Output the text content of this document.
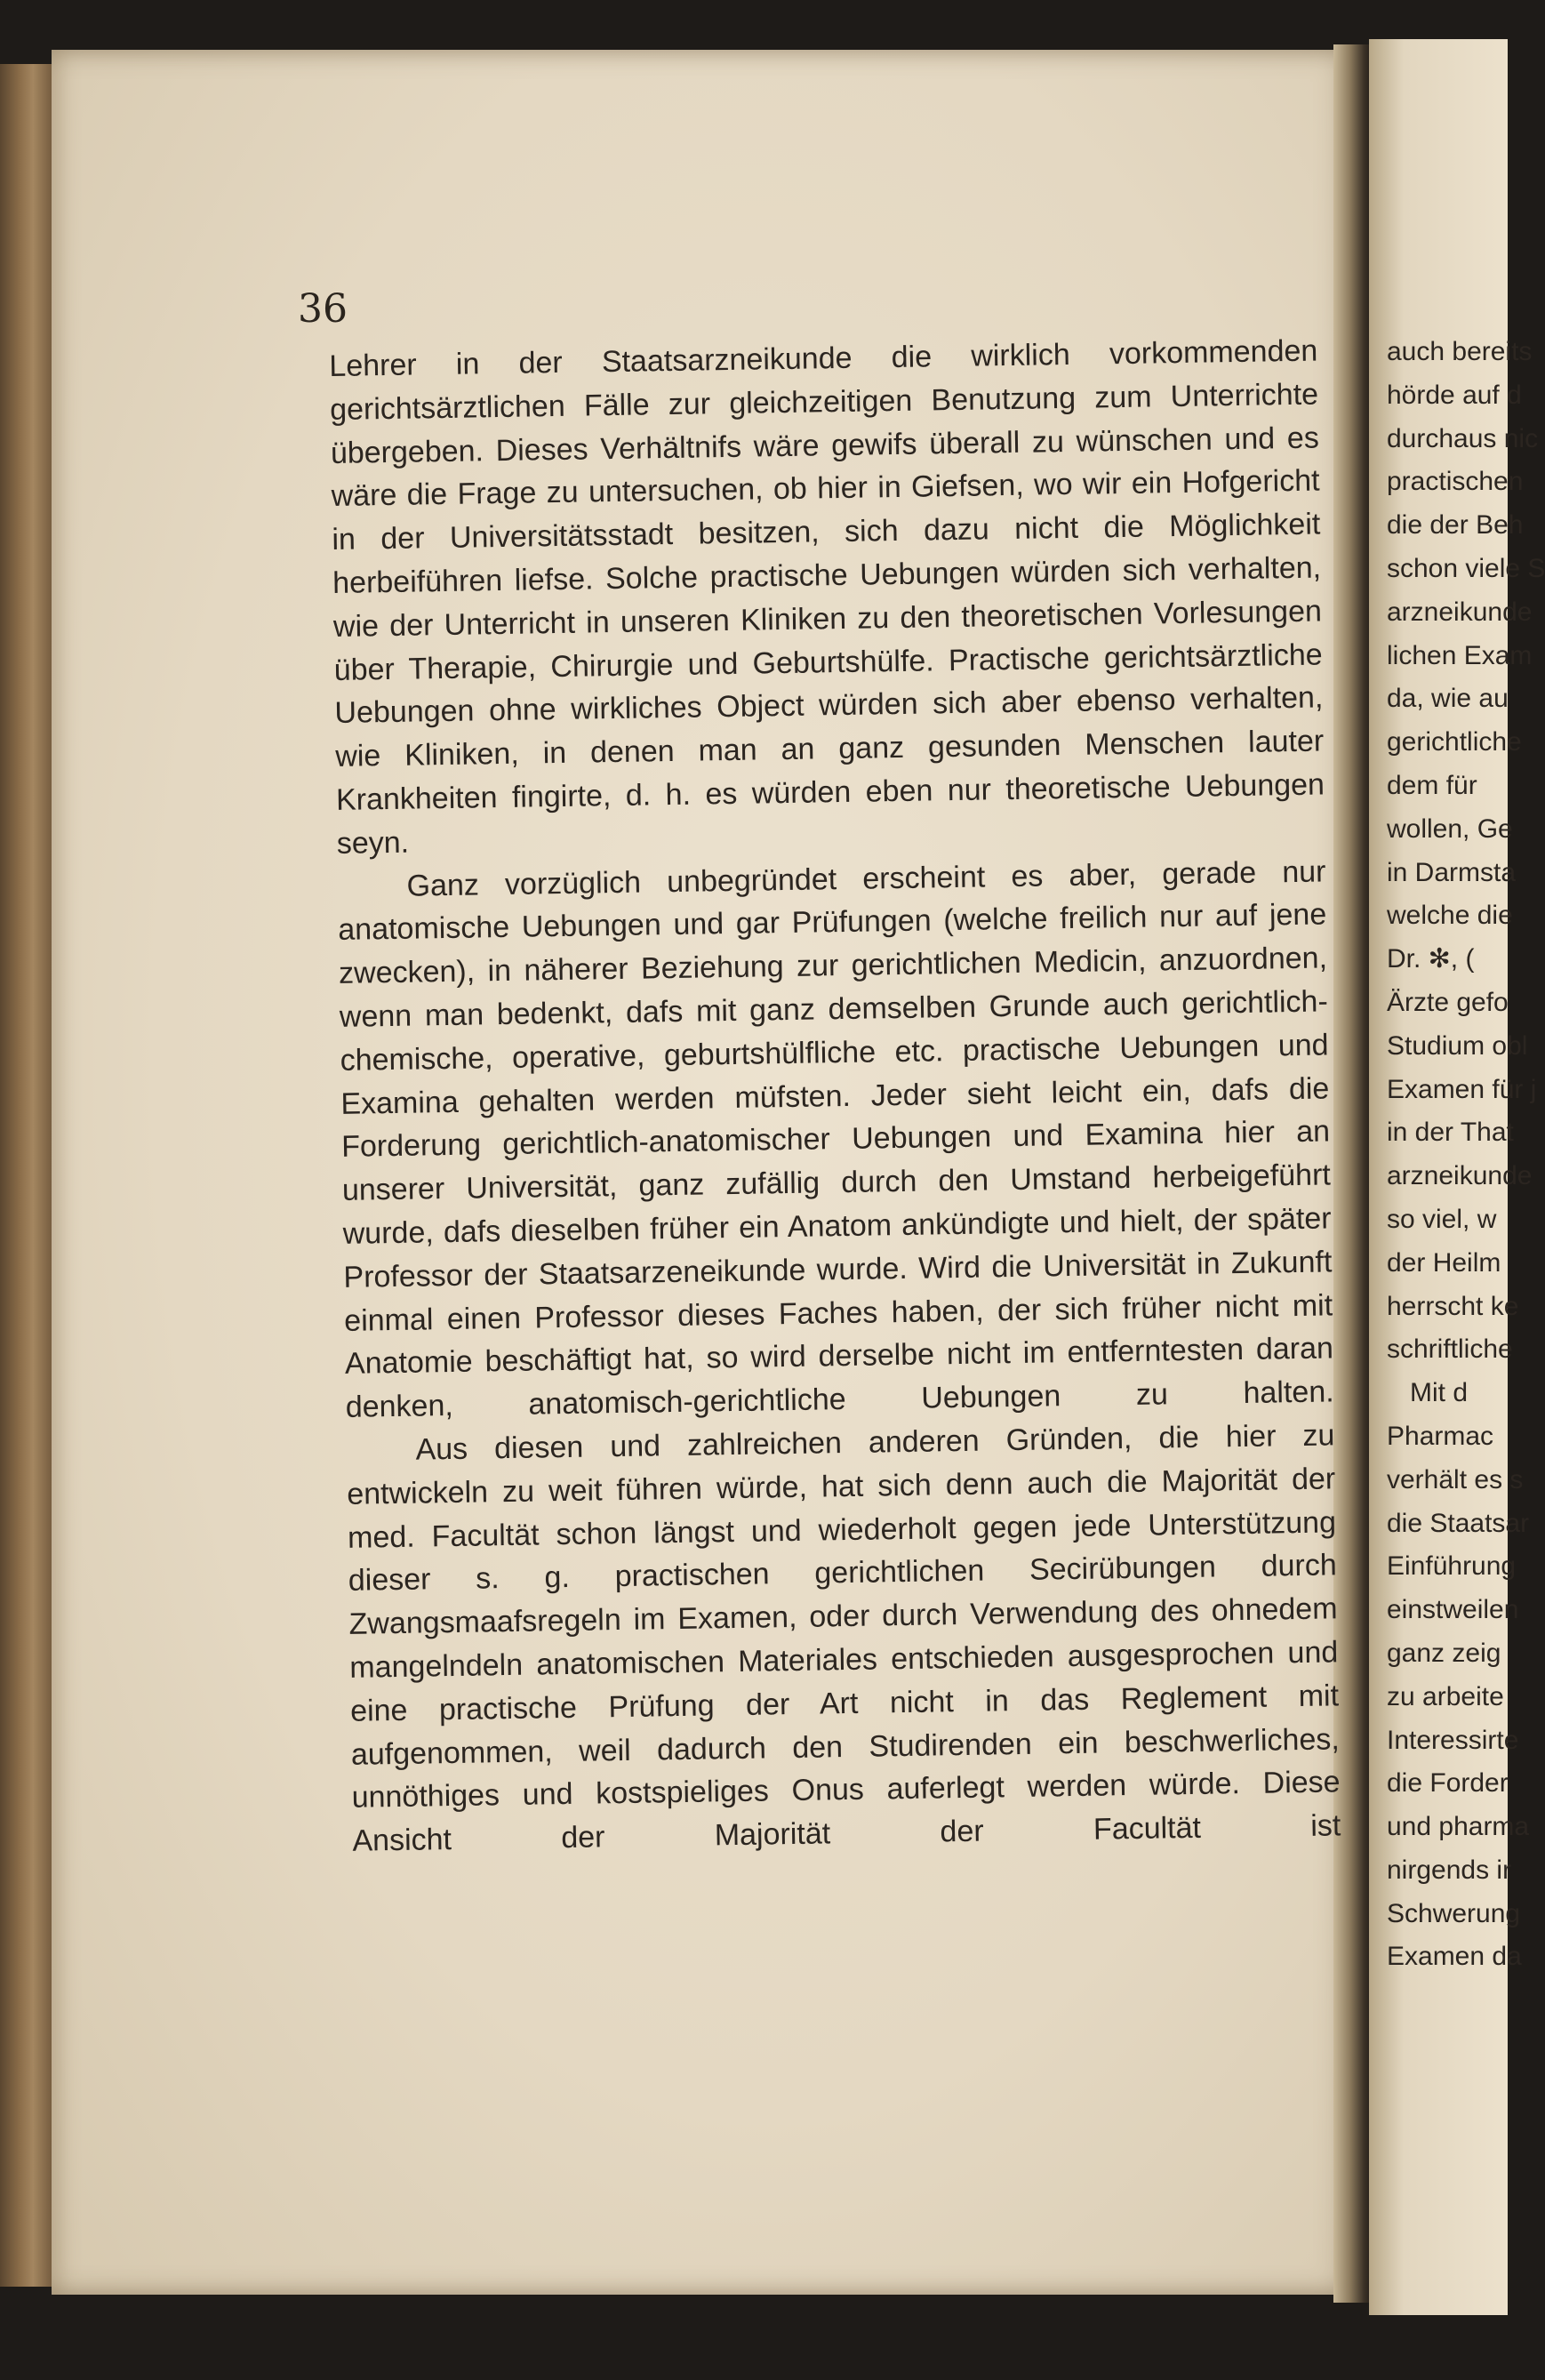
36

Lehrer in der Staatsarzneikunde die wirklich vorkommenden gerichtsärztlichen Fälle zur gleichzeitigen Benutzung zum Unterrichte übergeben. Dieses Verhältnifs wäre gewifs überall zu wünschen und es wäre die Frage zu untersuchen, ob hier in Giefsen, wo wir ein Hofgericht in der Universitätsstadt besitzen, sich dazu nicht die Möglichkeit herbeiführen liefse. Solche practische Uebungen würden sich verhalten, wie der Unterricht in unseren Kliniken zu den theoretischen Vorlesungen über Therapie, Chirurgie und Geburtshülfe. Practische gerichtsärztliche Uebungen ohne wirkliches Object würden sich aber ebenso verhalten, wie Kliniken, in denen man an ganz gesunden Menschen lauter Krankheiten fingirte, d. h. es würden eben nur theoretische Uebungen seyn.

Ganz vorzüglich unbegründet erscheint es aber, gerade nur anatomische Uebungen und gar Prüfungen (welche freilich nur auf jene zwecken), in näherer Beziehung zur gerichtlichen Medicin, anzuordnen, wenn man bedenkt, dafs mit ganz demselben Grunde auch gerichtlich-chemische, operative, geburtshülfliche etc. practische Uebungen und Examina gehalten werden müfsten. Jeder sieht leicht ein, dafs die Forderung gerichtlich-anatomischer Uebungen und Examina hier an unserer Universität, ganz zufällig durch den Umstand herbeigeführt wurde, dafs dieselben früher ein Anatom ankündigte und hielt, der später Professor der Staatsarzeneikunde wurde. Wird die Universität in Zukunft einmal einen Professor dieses Faches haben, der sich früher nicht mit Anatomie beschäftigt hat, so wird derselbe nicht im entferntesten daran denken, anatomisch-gerichtliche Uebungen zu halten.

Aus diesen und zahlreichen anderen Gründen, die hier zu entwickeln zu weit führen würde, hat sich denn auch die Majorität der med. Facultät schon längst und wiederholt gegen jede Unterstützung dieser s. g. practischen gerichtlichen Secirübungen durch Zwangsmaafsregeln im Examen, oder durch Verwendung des ohnedem mangelndeln anatomischen Materiales entschieden ausgesprochen und eine practische Prüfung der Art nicht in das Reglement mit aufgenommen, weil dadurch den Studirenden ein beschwerliches, unnöthiges und kostspieliges Onus auferlegt werden würde. Diese Ansicht der Majorität der Facultät ist

auch bereits
hörde auf d
durchaus nic
practischen
die der Beh
schon viele S
arzneikunde
lichen Exam
da, wie au
gerichtliche
dem für
wollen, Ge
in Darmsta
welche die
Dr. ✻, (
Ärzte gefo
Studium obl
Examen für j
in der That
arzneikunde
so viel, w
der Heilm
herrscht ke
schriftliche
Mit d
Pharmac
verhält es s
die Staatsar
Einführung
einstweilen
ganz zeig
zu arbeite
Interessirte
die Forder
und pharma
nirgends ir
Schwerung
Examen da
